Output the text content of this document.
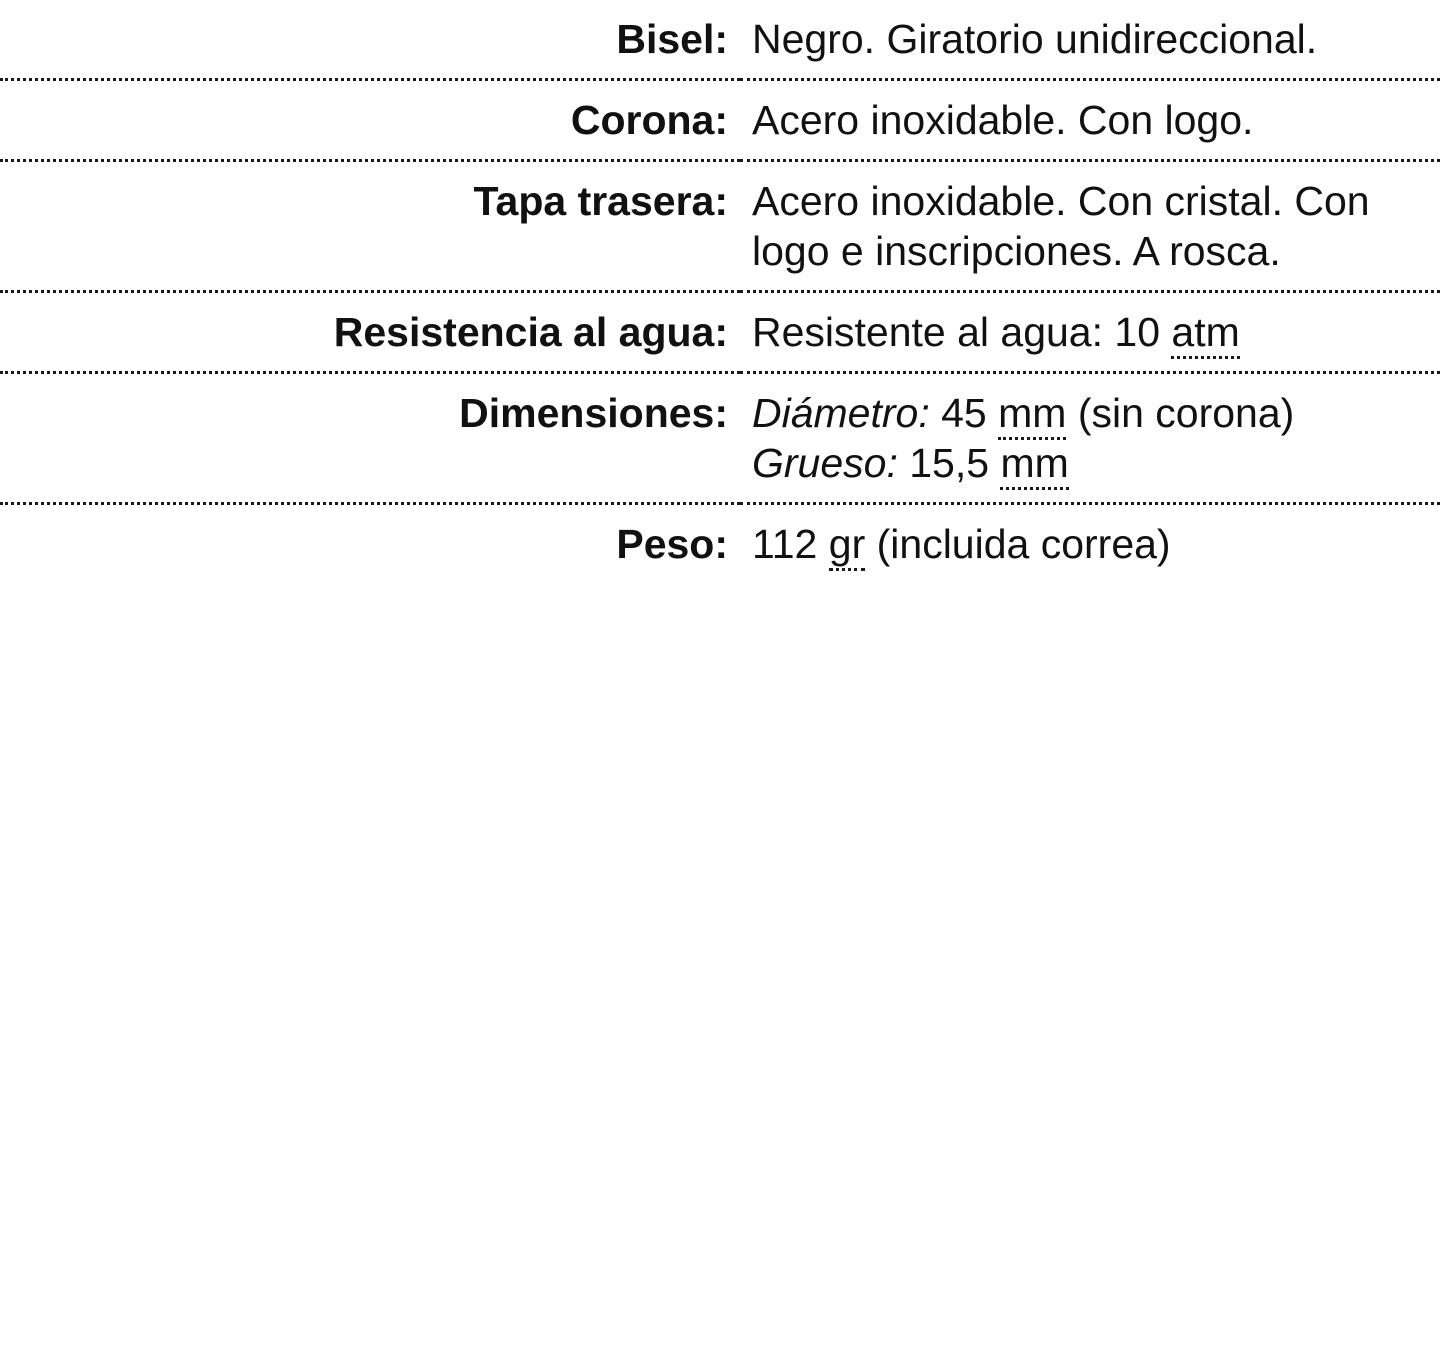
Bisel:	Negro. Giratorio unidireccional.
Corona:	Acero inoxidable. Con logo.
Tapa trasera:	Acero inoxidable. Con cristal. Con logo e inscripciones. A rosca.
Resistencia al agua:	Resistente al agua: 10 atm
Dimensiones:	Diámetro: 45 mm (sin corona)
Grueso: 15,5 mm

Peso:	112 gr (incluida correa)
